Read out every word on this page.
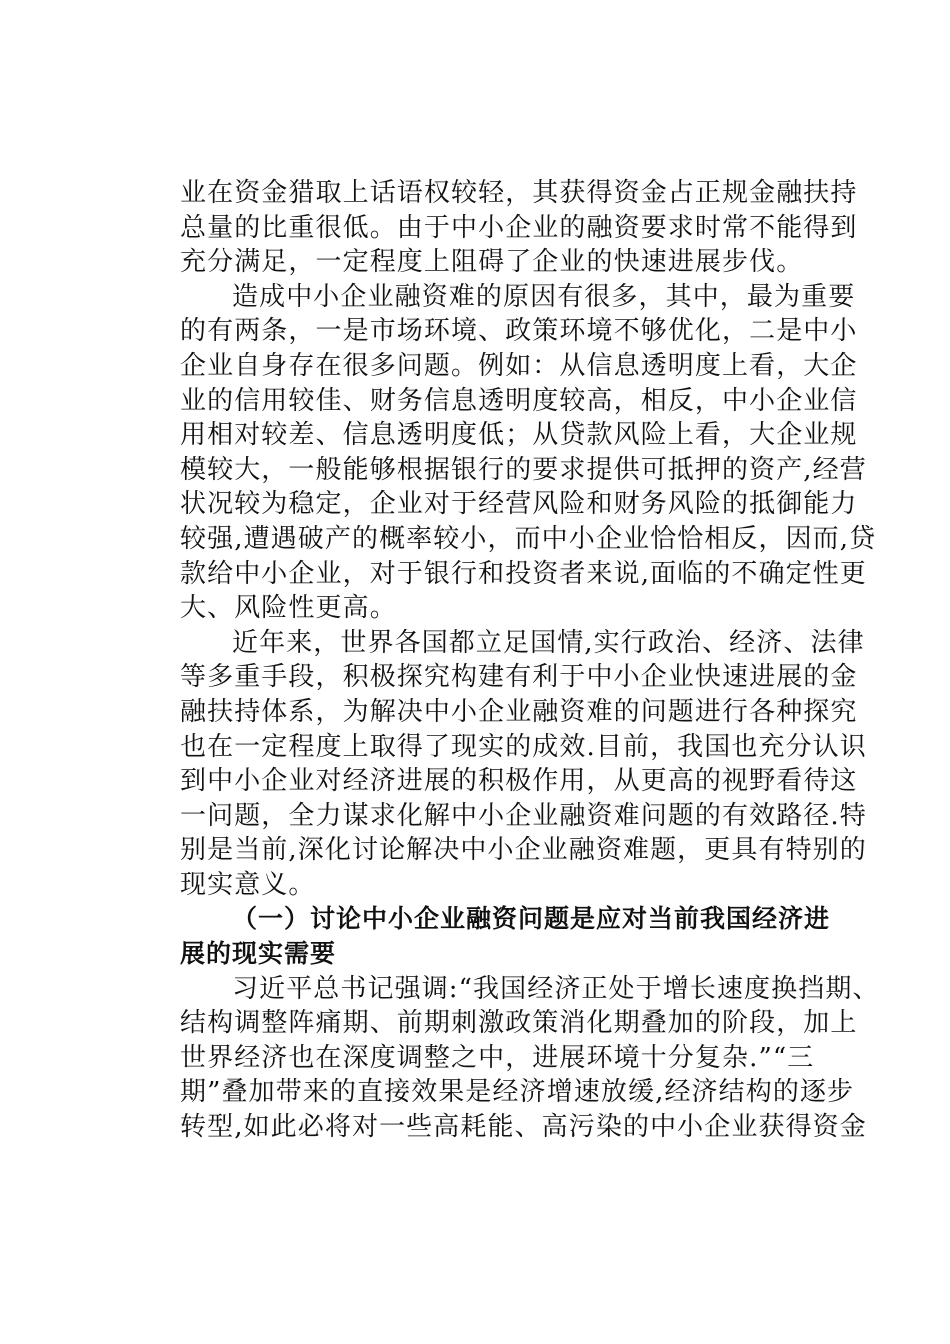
业在资金猎取上话语权较轻，其获得资金占正规金融扶持
总量的比重很低。由于中小企业的融资要求时常不能得到
充分满足，一定程度上阻碍了企业的快速进展步伐。
造成中小企业融资难的原因有很多，其中，最为重要
的有两条，一是市场环境、政策环境不够优化，二是中小
企业自身存在很多问题。例如：从信息透明度上看，大企
业的信用较佳、财务信息透明度较高，相反，中小企业信
用相对较差、信息透明度低；从贷款风险上看，大企业规
模较大，一般能够根据银行的要求提供可抵押的资产,经营
状况较为稳定，企业对于经营风险和财务风险的抵御能力
较强,遭遇破产的概率较小，而中小企业恰恰相反，因而,贷
款给中小企业，对于银行和投资者来说,面临的不确定性更
大、风险性更高。
近年来，世界各国都立足国情,实行政治、经济、法律
等多重手段，积极探究构建有利于中小企业快速进展的金
融扶持体系，为解决中小企业融资难的问题进行各种探究
也在一定程度上取得了现实的成效.目前，我国也充分认识
到中小企业对经济进展的积极作用，从更高的视野看待这
一问题，全力谋求化解中小企业融资难问题的有效路径.特
别是当前,深化讨论解决中小企业融资难题，更具有特别的
现实意义。
（一）讨论中小企业融资问题是应对当前我国经济进
展的现实需要
习近平总书记强调:“我国经济正处于增长速度换挡期、
结构调整阵痛期、前期刺激政策消化期叠加的阶段，加上
世界经济也在深度调整之中，进展环境十分复杂.”“三
期”叠加带来的直接效果是经济增速放缓,经济结构的逐步
转型,如此必将对一些高耗能、高污染的中小企业获得资金
